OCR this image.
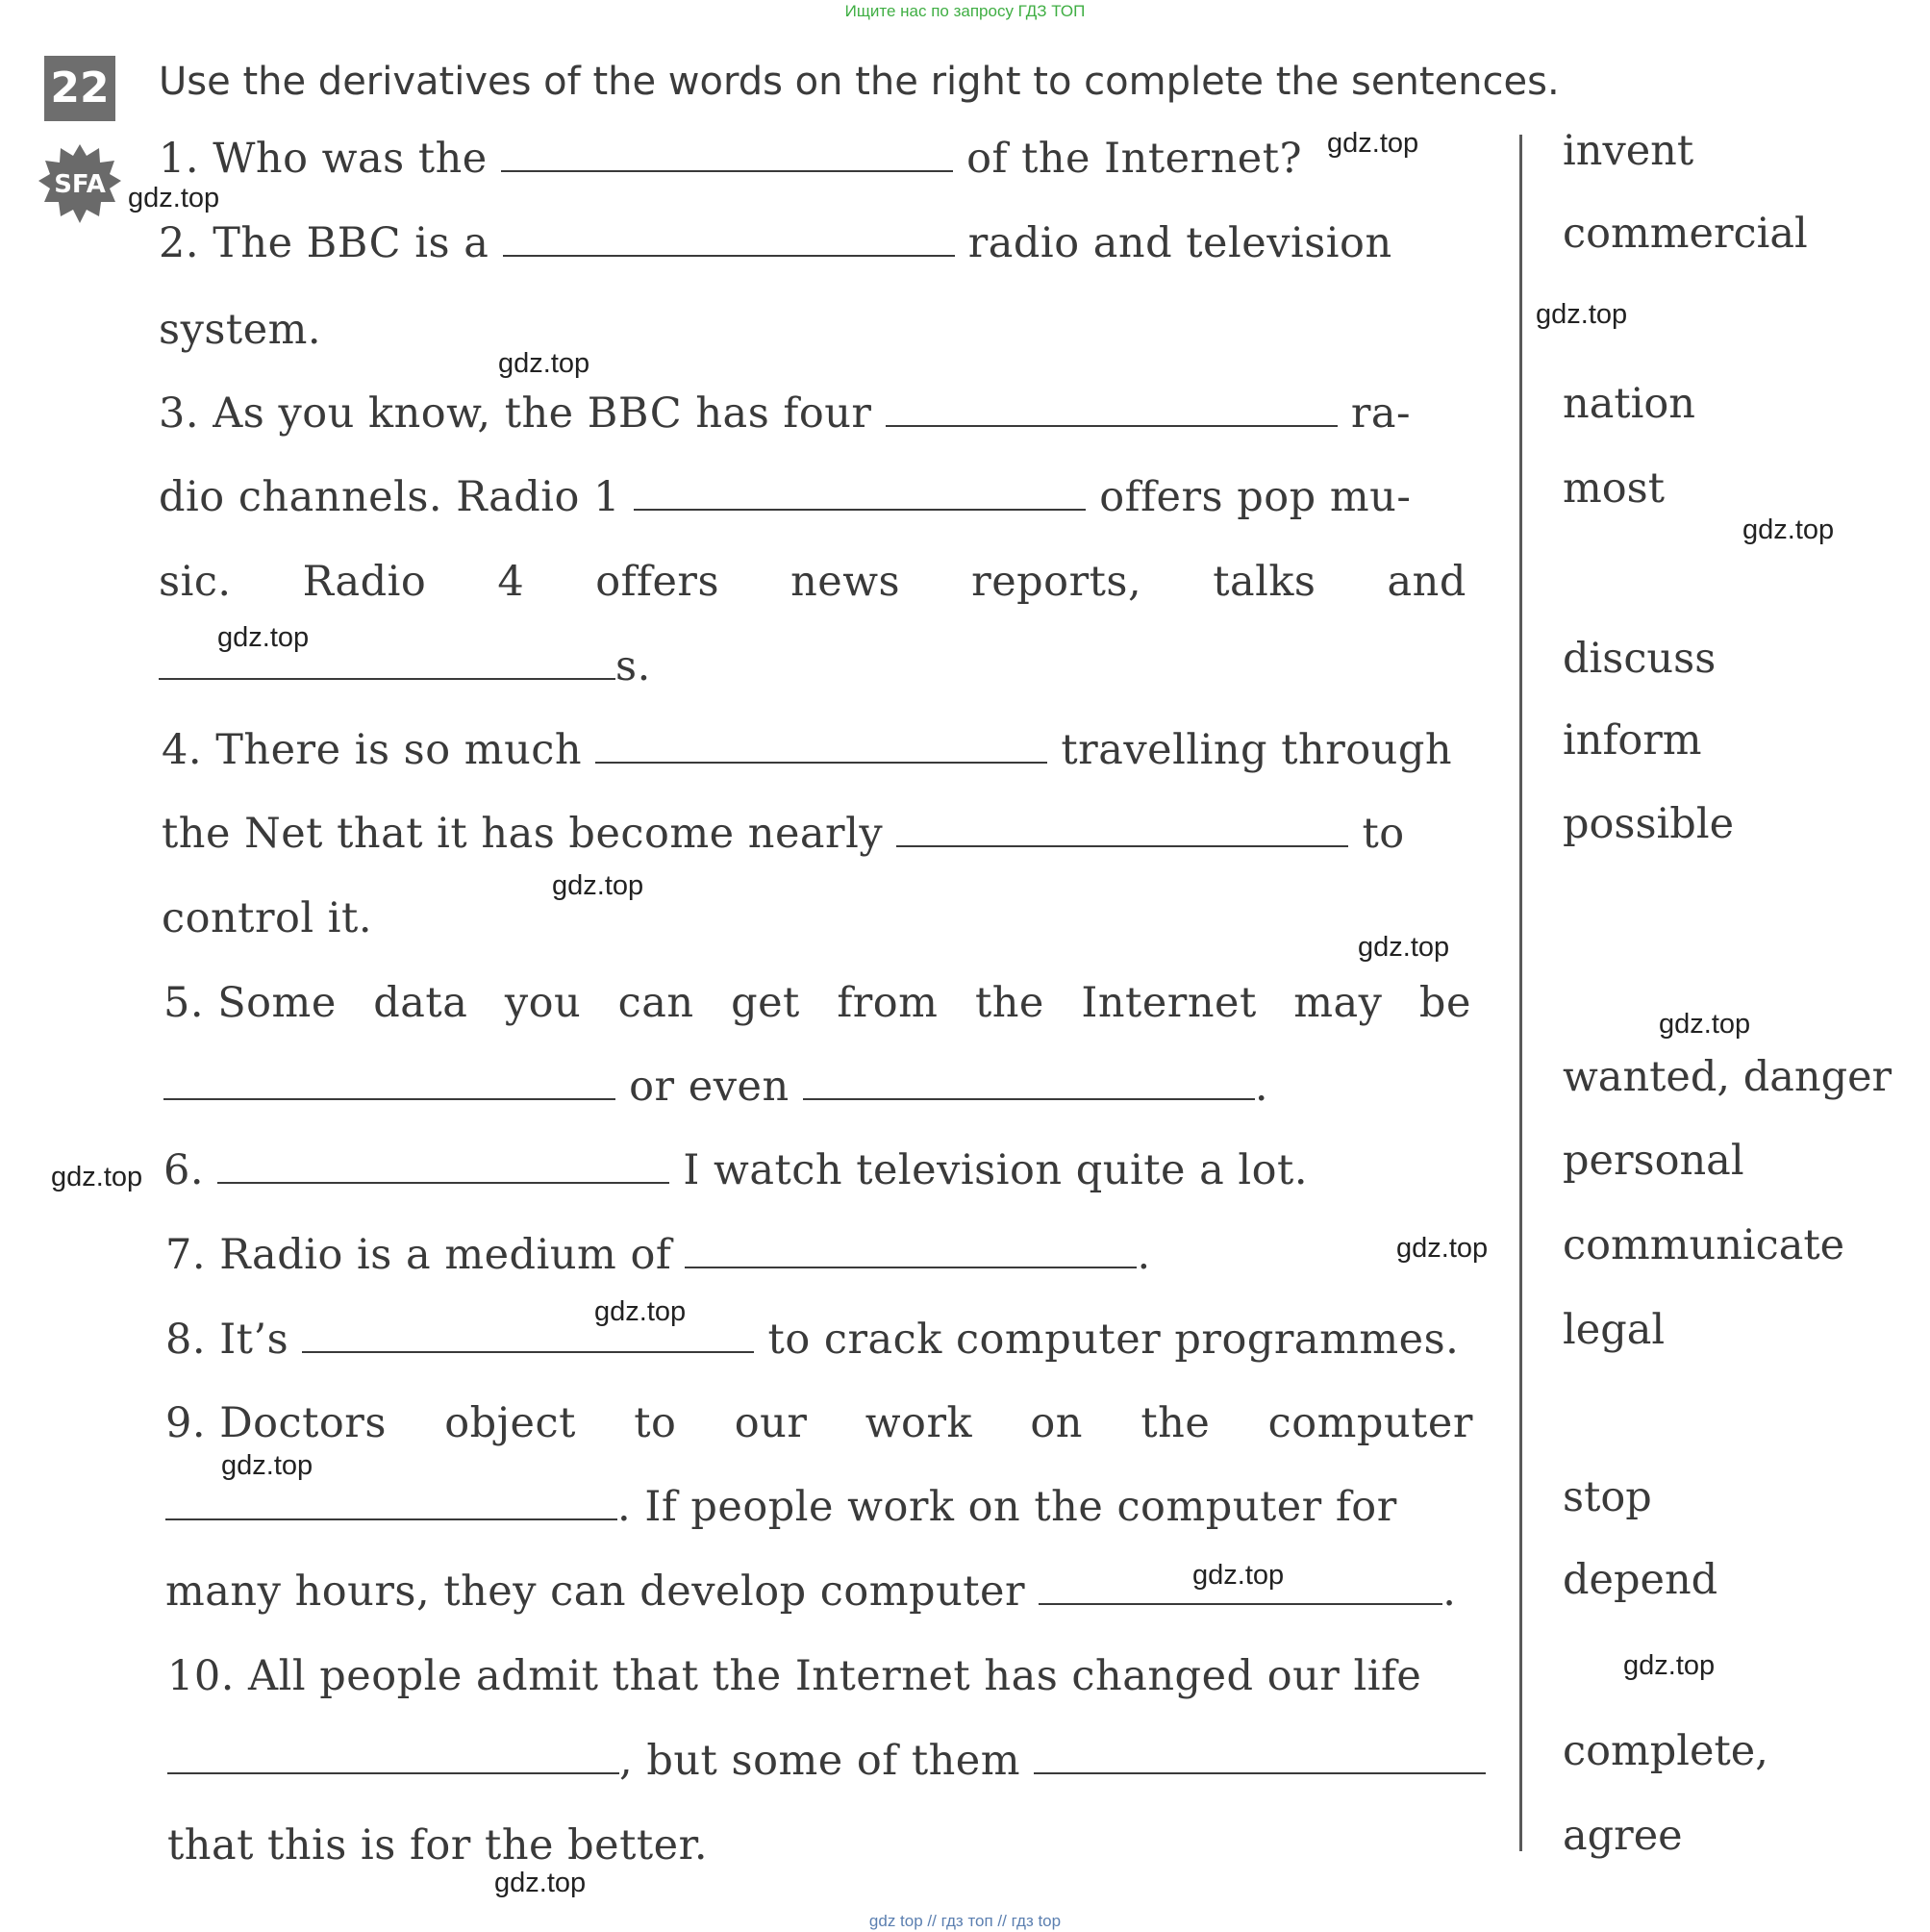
Ищите нас по запросу ГДЗ ТОП
22
SFA
Use the derivatives of the words on the right to complete the sentences.
1. Who was the	of the Internet?
2. The BBC is a	radio and television
system.
3. As you know, the BBC has four	ra-
dio channels. Radio 1	offers pop mu-
sic. Radio 4 offers news reports, talks and
s.
4. There is so much	travelling through
the Net that it has become nearly	to
control it.
5. Some data you can get from the Internet may be
or even	.
6.	I watch television quite a lot.
7. Radio is a medium of	.
8. It’s	to crack computer programmes.
9. Doctors object to our work on the computer
. If people work on the computer for
many hours, they can develop computer	.
10. All people admit that the Internet has changed our life
, but some of them
that this is for the better.
invent
commercial
nation
most
discuss
inform
possible
wanted, danger
personal
communicate
legal
stop
depend
complete,
agree
gdz.top
gdz.top
gdz.top
gdz.top
gdz.top
gdz.top
gdz.top
gdz.top
gdz.top
gdz.top
gdz.top
gdz.top
gdz.top
gdz.top
gdz.top
gdz.top
gdz top // гдз топ // гдз top
